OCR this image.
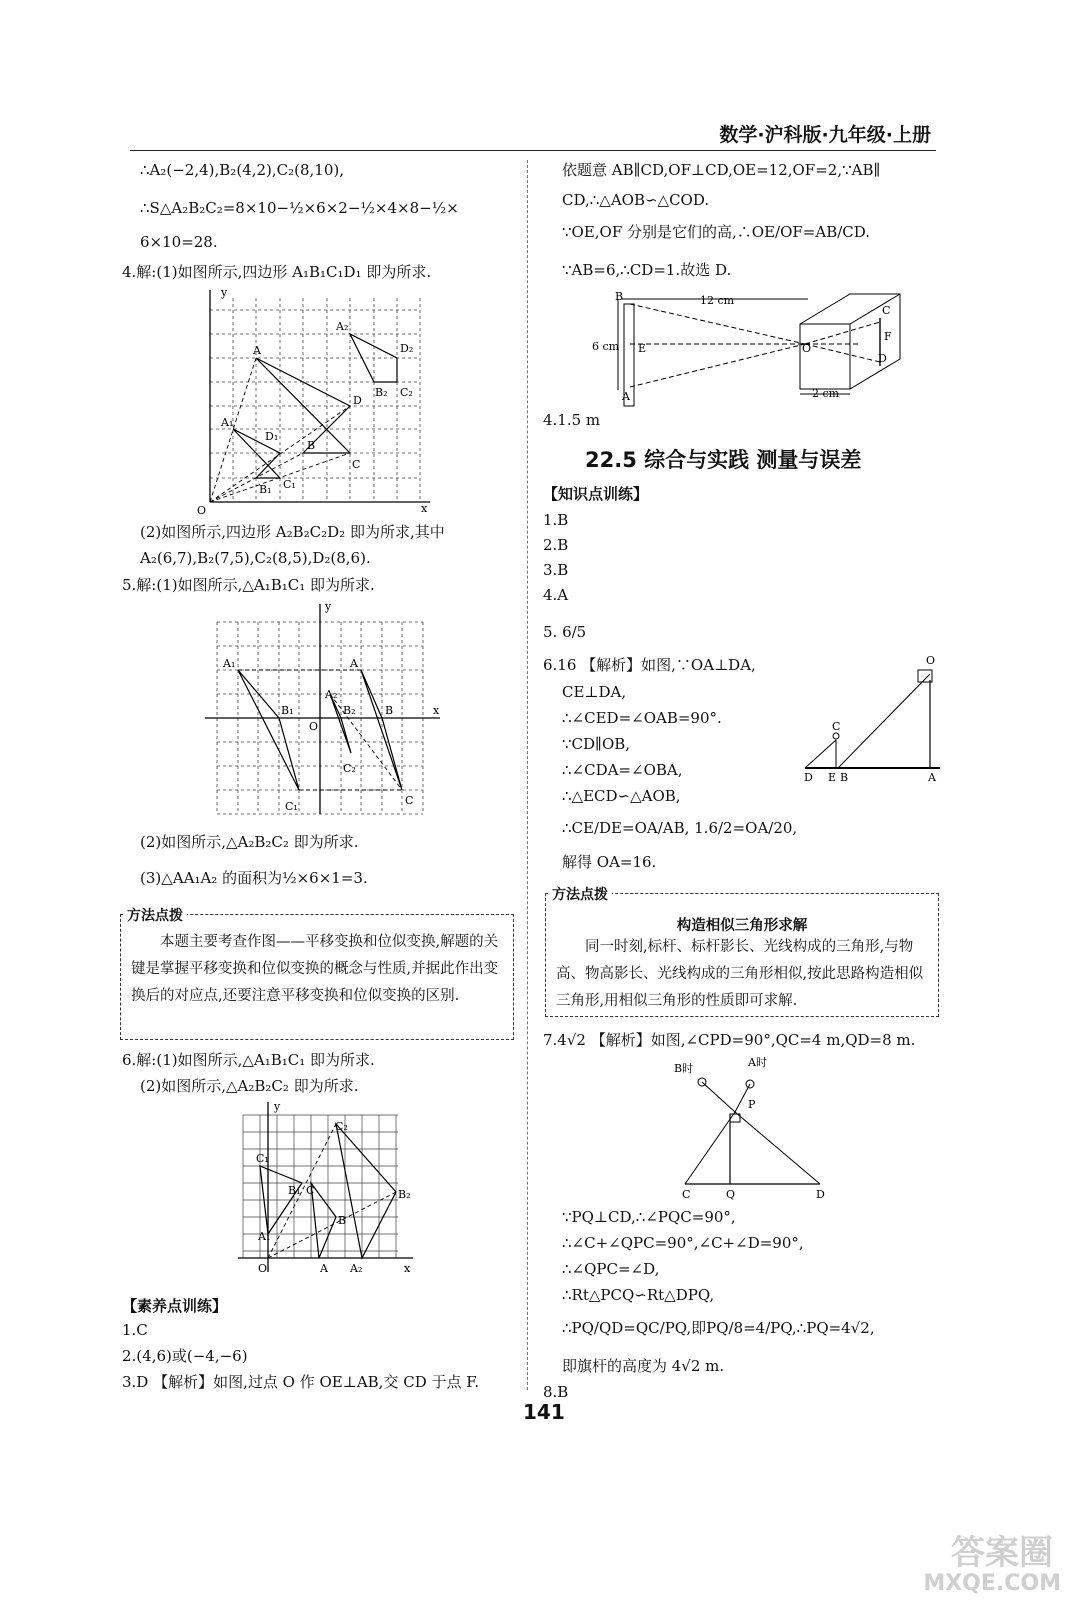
数学·沪科版·九年级·上册
∴A₂(−2,4),B₂(4,2),C₂(8,10),
∴S△A₂B₂C₂=8×10−½×6×2−½×4×8−½×
6×10=28.
4.解:(1)如图所示,四边形 A₁B₁C₁D₁ 即为所求.
O
y
x
A
D
B
C
A₁
D₁
B₁ C₁
A₂
D₂
B₂ C₂
(2)如图所示,四边形 A₂B₂C₂D₂ 即为所求,其中
A₂(6,7),B₂(7,5),C₂(8,5),D₂(8,6).
5.解:(1)如图所示,△A₁B₁C₁ 即为所求.
y
x
O
A
B
C
A₁
B₁
C₁
A₂
B₂
C₂
(2)如图所示,△A₂B₂C₂ 即为所求.
(3)△AA₁A₂ 的面积为½×6×1=3.
方法点拨
本题主要考查作图——平移变换和位似变换,解题的关键是掌握平移变换和位似变换的概念与性质,并据此作出变换后的对应点,还要注意平移变换和位似变换的区别.
6.解:(1)如图所示,△A₁B₁C₁ 即为所求.
(2)如图所示,△A₂B₂C₂ 即为所求.
y
x
O
C₂
C₁
B₁ C	B₂
B
A₁
A A₂
【素养点训练】
1.C
2.(4,6)或(−4,−6)
3.D 【解析】如图,过点 O 作 OE⊥AB,交 CD 于点 F.
依题意 AB∥CD,OF⊥CD,OE=12,OF=2,∵AB∥
CD,∴△AOB∽△COD.
∵OE,OF 分别是它们的高,∴OE/OF=AB/CD.
∵AB=6,∴CD=1.故选 D.
B
A
E	O
C
F
D
12 cm
6 cm
2 cm
4.1.5 m
22.5 综合与实践 测量与误差
【知识点训练】
1.B
2.B
3.B
4.A
5. 6/5
6.16 【解析】如图,∵OA⊥DA,
CE⊥DA,
∴∠CED=∠OAB=90°.
∵CD∥OB,
∴∠CDA=∠OBA,
∴△ECD∽△AOB,
∴CE/DE=OA/AB, 1.6/2=OA/20,
解得 OA=16.
O
C
D E B	A
方法点拨
构造相似三角形求解
同一时刻,标杆、标杆影长、光线构成的三角形,与物高、物高影长、光线构成的三角形相似,按此思路构造相似三角形,用相似三角形的性质即可求解.
7.4√2 【解析】如图,∠CPD=90°,QC=4 m,QD=8 m.
B时	A时
P
C	Q	D
∵PQ⊥CD,∴∠PQC=90°,
∴∠C+∠QPC=90°,∠C+∠D=90°,
∴∠QPC=∠D,
∴Rt△PCQ∽Rt△DPQ,
∴PQ/QD=QC/PQ,即PQ/8=4/PQ,∴PQ=4√2,
即旗杆的高度为 4√2 m.
8.B
141
答案圈
MXQE.COM
